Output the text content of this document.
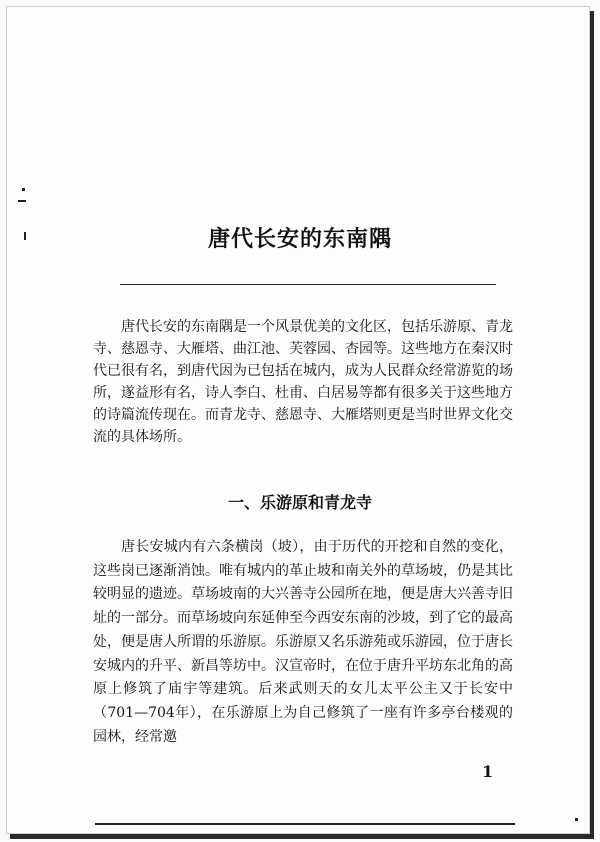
唐代长安的东南隅

唐代长安的东南隅是一个风景优美的文化区，包括乐游原、青龙寺、慈恩寺、大雁塔、曲江池、芙蓉园、杏园等。这些地方在秦汉时代已很有名，到唐代因为已包括在城内，成为人民群众经常游览的场所，遂益形有名，诗人李白、杜甫、白居易等都有很多关于这些地方的诗篇流传现在。而青龙寺、慈恩寺、大雁塔则更是当时世界文化交流的具体场所。

一、乐游原和青龙寺

唐长安城内有六条横岗（坡），由于历代的开挖和自然的变化，这些岗已逐渐消蚀。唯有城内的革止坡和南关外的草场坡，仍是其比较明显的遗迹。草场坡南的大兴善寺公园所在地，便是唐大兴善寺旧址的一部分。而草场坡向东延伸至今西安东南的沙坡，到了它的最高处，便是唐人所谓的乐游原。乐游原又名乐游苑或乐游园，位于唐长安城内的升平、新昌等坊中。汉宣帝时，在位于唐升平坊东北角的高原上修筑了庙宇等建筑。后来武则天的女儿太平公主又于长安中（701—704年），在乐游原上为自己修筑了一座有许多亭台楼观的园林，经常邀

1
